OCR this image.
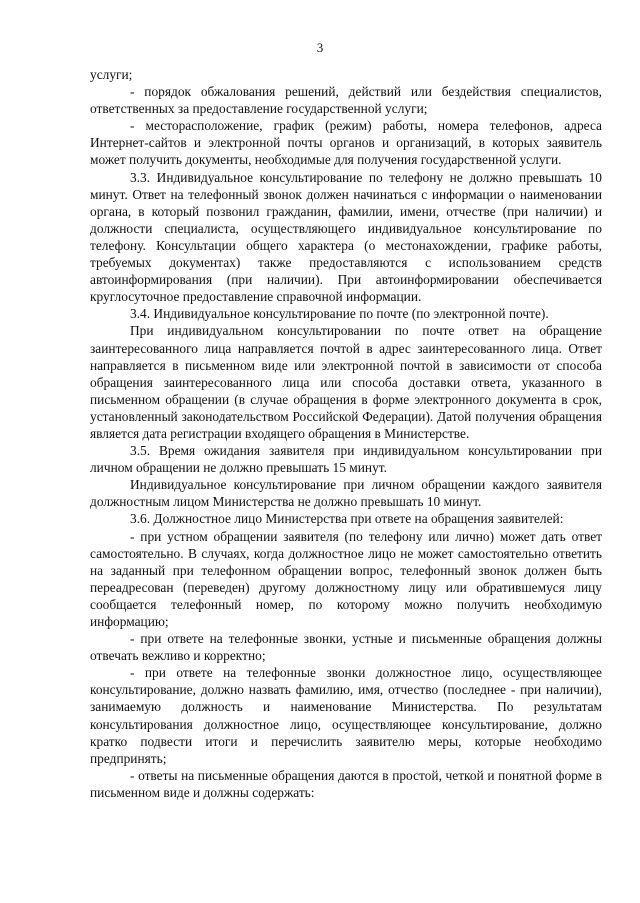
3

услуги;

- порядок обжалования решений, действий или бездействия специалистов, ответственных за предоставление государственной услуги;

- месторасположение, график (режим) работы, номера телефонов, адреса Интернет-сайтов и электронной почты органов и организаций, в которых заявитель может получить документы, необходимые для получения государственной услуги.

3.3. Индивидуальное консультирование по телефону не должно превышать 10 минут. Ответ на телефонный звонок должен начинаться с информации о наименовании органа, в который позвонил гражданин, фамилии, имени, отчестве (при наличии) и должности специалиста, осуществляющего индивидуальное консультирование по телефону. Консультации общего характера (о местонахождении, графике работы, требуемых документах) также предоставляются с использованием средств автоинформирования (при наличии). При автоинформировании обеспечивается круглосуточное предоставление справочной информации.

3.4. Индивидуальное консультирование по почте (по электронной почте).

При индивидуальном консультировании по почте ответ на обращение заинтересованного лица направляется почтой в адрес заинтересованного лица. Ответ направляется в письменном виде или электронной почтой в зависимости от способа обращения заинтересованного лица или способа доставки ответа, указанного в письменном обращении (в случае обращения в форме электронного документа в срок, установленный законодательством Российской Федерации). Датой получения обращения является дата регистрации входящего обращения в Министерстве.

3.5. Время ожидания заявителя при индивидуальном консультировании при личном обращении не должно превышать 15 минут.

Индивидуальное консультирование при личном обращении каждого заявителя должностным лицом Министерства не должно превышать 10 минут.

3.6. Должностное лицо Министерства при ответе на обращения заявителей:

- при устном обращении заявителя (по телефону или лично) может дать ответ самостоятельно. В случаях, когда должностное лицо не может самостоятельно ответить на заданный при телефонном обращении вопрос, телефонный звонок должен быть переадресован (переведен) другому должностному лицу или обратившемуся лицу сообщается телефонный номер, по которому можно получить необходимую информацию;

- при ответе на телефонные звонки, устные и письменные обращения должны отвечать вежливо и корректно;

- при ответе на телефонные звонки должностное лицо, осуществляющее консультирование, должно назвать фамилию, имя, отчество (последнее - при наличии), занимаемую должность и наименование Министерства. По результатам консультирования должностное лицо, осуществляющее консультирование, должно кратко подвести итоги и перечислить заявителю меры, которые необходимо предпринять;

- ответы на письменные обращения даются в простой, четкой и понятной форме в письменном виде и должны содержать:
